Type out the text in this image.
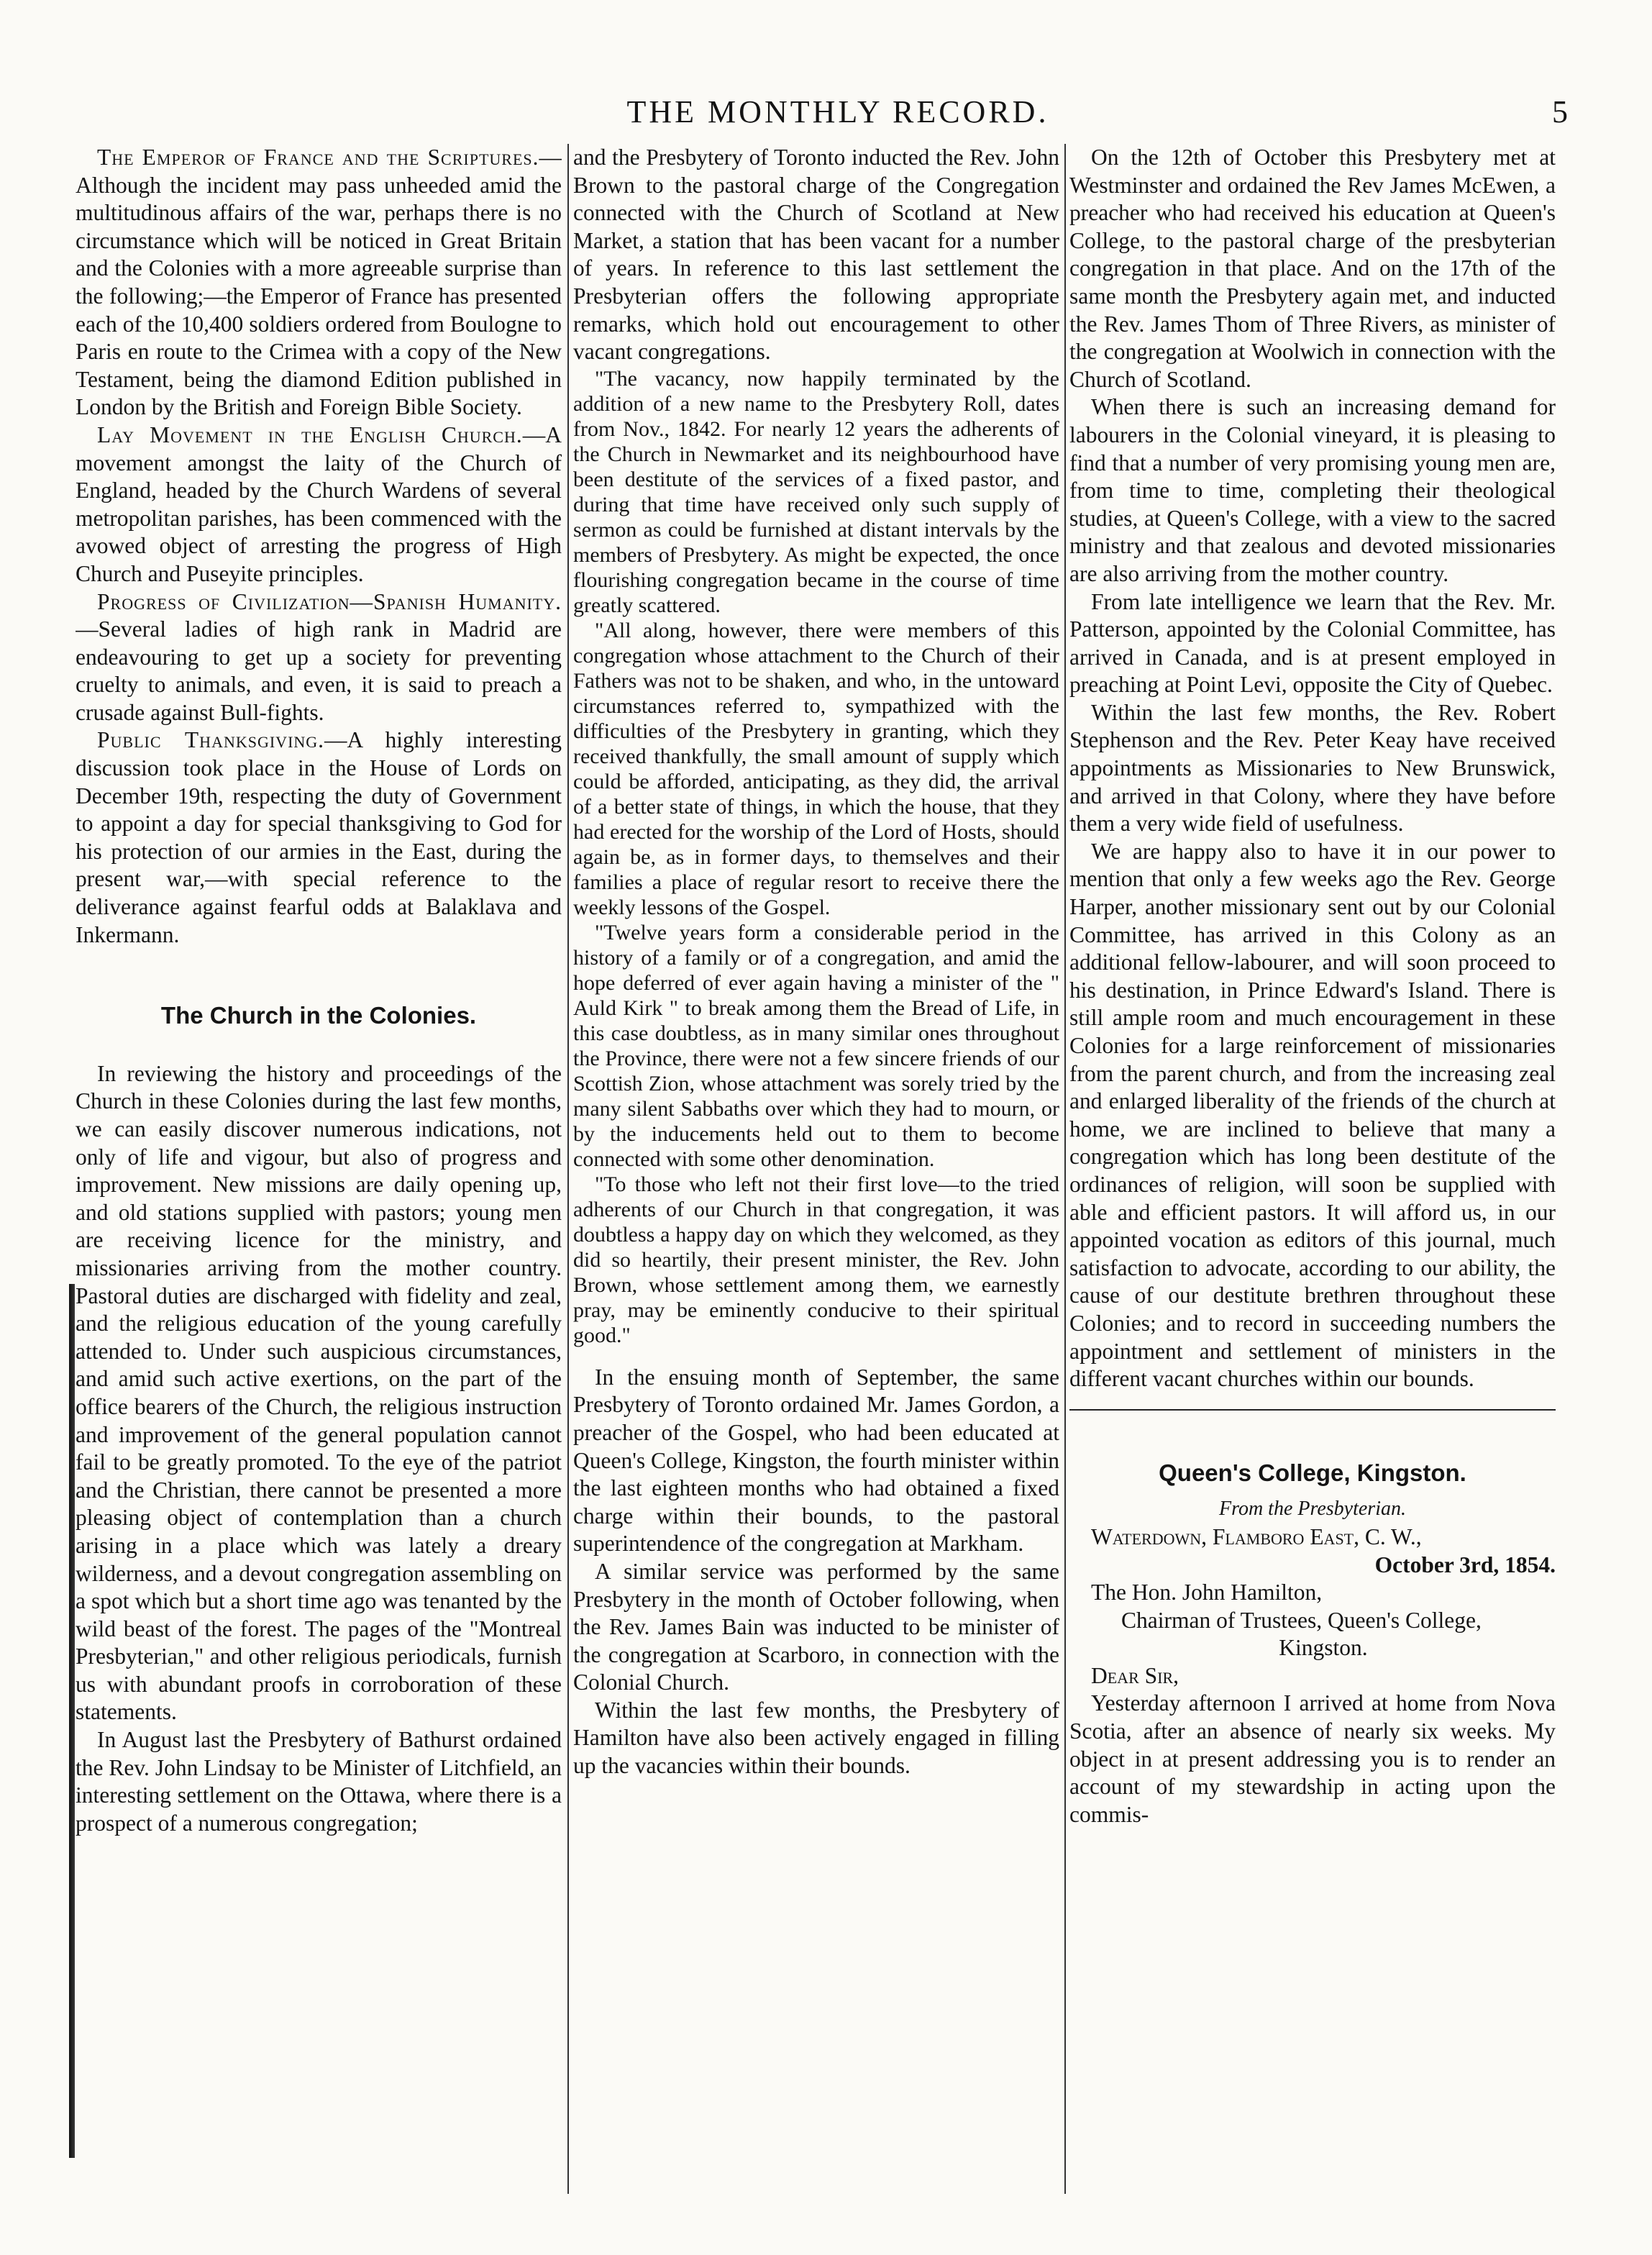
THE MONTHLY RECORD.	5

The Emperor of France and the Scriptures.—Although the incident may pass unheeded amid the multitudinous affairs of the war, perhaps there is no circumstance which will be noticed in Great Britain and the Colonies with a more agreeable surprise than the following;—the Emperor of France has presented each of the 10,400 soldiers ordered from Boulogne to Paris en route to the Crimea with a copy of the New Testament, being the diamond Edition published in London by the British and Foreign Bible Society.

Lay Movement in the English Church.—A movement amongst the laity of the Church of England, headed by the Church Wardens of several metropolitan parishes, has been commenced with the avowed object of arresting the progress of High Church and Puseyite principles.

Progress of Civilization—Spanish Humanity.—Several ladies of high rank in Madrid are endeavouring to get up a society for preventing cruelty to animals, and even, it is said to preach a crusade against Bull-fights.

Public Thanksgiving.—A highly interesting discussion took place in the House of Lords on December 19th, respecting the duty of Government to appoint a day for special thanksgiving to God for his protection of our armies in the East, during the present war,—with special reference to the deliverance against fearful odds at Balaklava and Inkermann.

The Church in the Colonies.

In reviewing the history and proceedings of the Church in these Colonies during the last few months, we can easily discover numerous indications, not only of life and vigour, but also of progress and improvement. New missions are daily opening up, and old stations supplied with pastors; young men are receiving licence for the ministry, and missionaries arriving from the mother country. Pastoral duties are discharged with fidelity and zeal, and the religious education of the young carefully attended to. Under such auspicious circumstances, and amid such active exertions, on the part of the office bearers of the Church, the religious instruction and improvement of the general population cannot fail to be greatly promoted. To the eye of the patriot and the Christian, there cannot be presented a more pleasing object of contemplation than a church arising in a place which was lately a dreary wilderness, and a devout congregation assembling on a spot which but a short time ago was tenanted by the wild beast of the forest. The pages of the "Montreal Presbyterian," and other religious periodicals, furnish us with abundant proofs in corroboration of these statements.

In August last the Presbytery of Bathurst ordained the Rev. John Lindsay to be Minister of Litchfield, an interesting settlement on the Ottawa, where there is a prospect of a numerous congregation;

and the Presbytery of Toronto inducted the Rev. John Brown to the pastoral charge of the Congregation connected with the Church of Scotland at New Market, a station that has been vacant for a number of years. In reference to this last settlement the Presbyterian offers the following appropriate remarks, which hold out encouragement to other vacant congregations.

"The vacancy, now happily terminated by the addition of a new name to the Presbytery Roll, dates from Nov., 1842. For nearly 12 years the adherents of the Church in Newmarket and its neighbourhood have been destitute of the services of a fixed pastor, and during that time have received only such supply of sermon as could be furnished at distant intervals by the members of Presbytery. As might be expected, the once flourishing congregation became in the course of time greatly scattered.

"All along, however, there were members of this congregation whose attachment to the Church of their Fathers was not to be shaken, and who, in the untoward circumstances referred to, sympathized with the difficulties of the Presbytery in granting, which they received thankfully, the small amount of supply which could be afforded, anticipating, as they did, the arrival of a better state of things, in which the house, that they had erected for the worship of the Lord of Hosts, should again be, as in former days, to themselves and their families a place of regular resort to receive there the weekly lessons of the Gospel.

"Twelve years form a considerable period in the history of a family or of a congregation, and amid the hope deferred of ever again having a minister of the " Auld Kirk " to break among them the Bread of Life, in this case doubtless, as in many similar ones throughout the Province, there were not a few sincere friends of our Scottish Zion, whose attachment was sorely tried by the many silent Sabbaths over which they had to mourn, or by the inducements held out to them to become connected with some other denomination.

"To those who left not their first love—to the tried adherents of our Church in that congregation, it was doubtless a happy day on which they welcomed, as they did so heartily, their present minister, the Rev. John Brown, whose settlement among them, we earnestly pray, may be eminently conducive to their spiritual good."

In the ensuing month of September, the same Presbytery of Toronto ordained Mr. James Gordon, a preacher of the Gospel, who had been educated at Queen's College, Kingston, the fourth minister within the last eighteen months who had obtained a fixed charge within their bounds, to the pastoral superintendence of the congregation at Markham.

A similar service was performed by the same Presbytery in the month of October following, when the Rev. James Bain was inducted to be minister of the congregation at Scarboro, in connection with the Colonial Church.

Within the last few months, the Presbytery of Hamilton have also been actively engaged in filling up the vacancies within their bounds.

On the 12th of October this Presbytery met at Westminster and ordained the Rev James McEwen, a preacher who had received his education at Queen's College, to the pastoral charge of the presbyterian congregation in that place. And on the 17th of the same month the Presbytery again met, and inducted the Rev. James Thom of Three Rivers, as minister of the congregation at Woolwich in connection with the Church of Scotland.

When there is such an increasing demand for labourers in the Colonial vineyard, it is pleasing to find that a number of very promising young men are, from time to time, completing their theological studies, at Queen's College, with a view to the sacred ministry and that zealous and devoted missionaries are also arriving from the mother country.

From late intelligence we learn that the Rev. Mr. Patterson, appointed by the Colonial Committee, has arrived in Canada, and is at present employed in preaching at Point Levi, opposite the City of Quebec.

Within the last few months, the Rev. Robert Stephenson and the Rev. Peter Keay have received appointments as Missionaries to New Brunswick, and arrived in that Colony, where they have before them a very wide field of usefulness.

We are happy also to have it in our power to mention that only a few weeks ago the Rev. George Harper, another missionary sent out by our Colonial Committee, has arrived in this Colony as an additional fellow-labourer, and will soon proceed to his destination, in Prince Edward's Island. There is still ample room and much encouragement in these Colonies for a large reinforcement of missionaries from the parent church, and from the increasing zeal and enlarged liberality of the friends of the church at home, we are inclined to believe that many a congregation which has long been destitute of the ordinances of religion, will soon be supplied with able and efficient pastors. It will afford us, in our appointed vocation as editors of this journal, much satisfaction to advocate, according to our ability, the cause of our destitute brethren throughout these Colonies; and to record in succeeding numbers the appointment and settlement of ministers in the different vacant churches within our bounds.

Queen's College, Kingston.
From the Presbyterian.

Waterdown, Flamboro East, C. W.,

October 3rd, 1854.

The Hon. John Hamilton,

Chairman of Trustees, Queen's College,

Kingston.

Dear Sir,

Yesterday afternoon I arrived at home from Nova Scotia, after an absence of nearly six weeks. My object in at present addressing you is to render an account of my stewardship in acting upon the commis-
